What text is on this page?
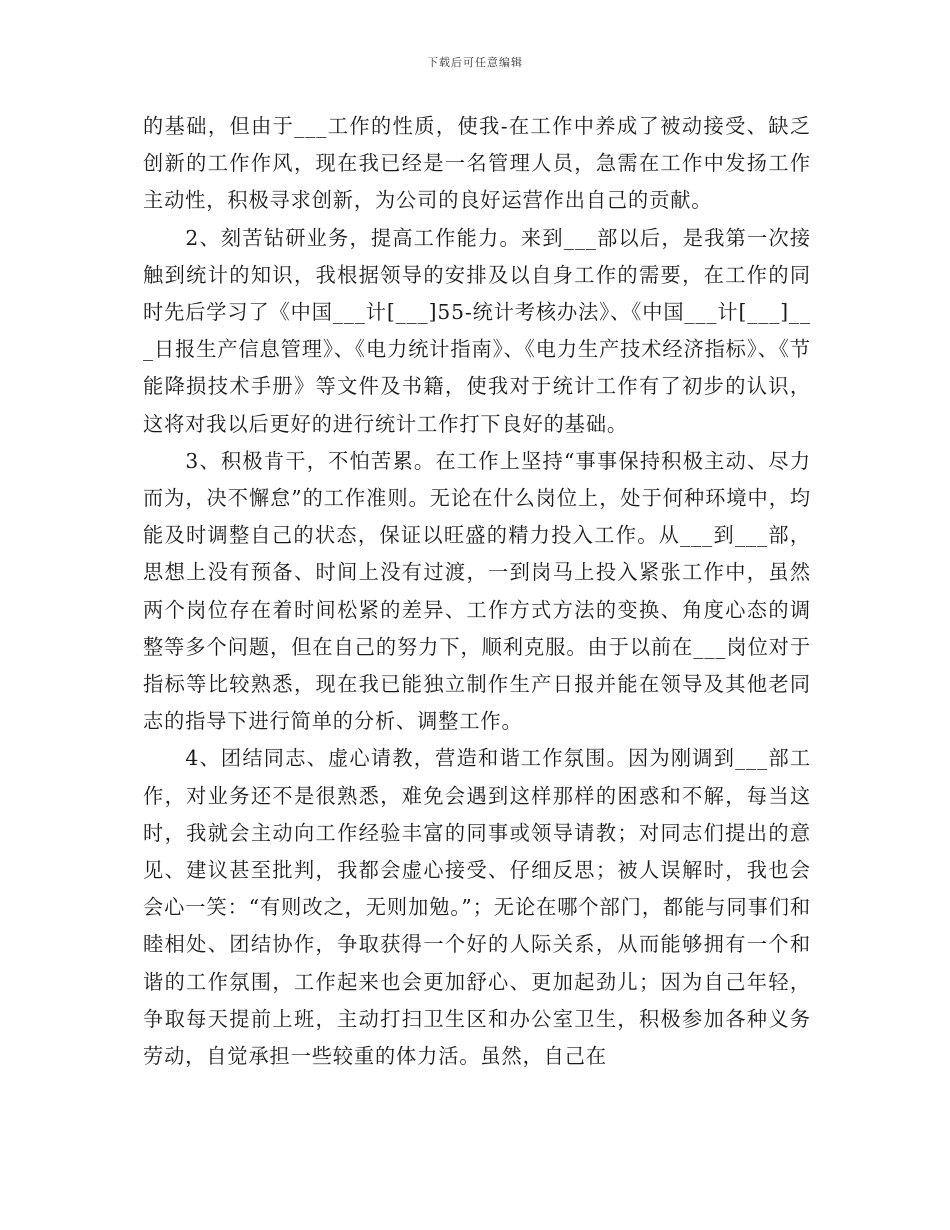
下载后可任意编辑

的基础，但由于___工作的性质，使我-在工作中养成了被动接受、缺乏创新的工作作风，现在我已经是一名管理人员，急需在工作中发扬工作主动性，积极寻求创新，为公司的良好运营作出自己的贡献。

2、刻苦钻研业务，提高工作能力。来到___部以后，是我第一次接触到统计的知识，我根据领导的安排及以自身工作的需要，在工作的同时先后学习了《中国___计[___]55-统计考核办法》、《中国___计[___]___日报生产信息管理》、《电力统计指南》、《电力生产技术经济指标》、《节能降损技术手册》等文件及书籍，使我对于统计工作有了初步的认识，这将对我以后更好的进行统计工作打下良好的基础。

3、积极肯干，不怕苦累。在工作上坚持“事事保持积极主动、尽力而为，决不懈怠”的工作准则。无论在什么岗位上，处于何种环境中，均能及时调整自己的状态，保证以旺盛的精力投入工作。从___到___部，思想上没有预备、时间上没有过渡，一到岗马上投入紧张工作中，虽然两个岗位存在着时间松紧的差异、工作方式方法的变换、角度心态的调整等多个问题，但在自己的努力下，顺利克服。由于以前在___岗位对于指标等比较熟悉，现在我已能独立制作生产日报并能在领导及其他老同志的指导下进行简单的分析、调整工作。

4、团结同志、虚心请教，营造和谐工作氛围。因为刚调到___部工作，对业务还不是很熟悉，难免会遇到这样那样的困惑和不解，每当这时，我就会主动向工作经验丰富的同事或领导请教；对同志们提出的意见、建议甚至批判，我都会虚心接受、仔细反思；被人误解时，我也会会心一笑：“有则改之，无则加勉。”；无论在哪个部门，都能与同事们和睦相处、团结协作，争取获得一个好的人际关系，从而能够拥有一个和谐的工作氛围，工作起来也会更加舒心、更加起劲儿；因为自己年轻，争取每天提前上班，主动打扫卫生区和办公室卫生，积极参加各种义务劳动，自觉承担一些较重的体力活。虽然，自己在
